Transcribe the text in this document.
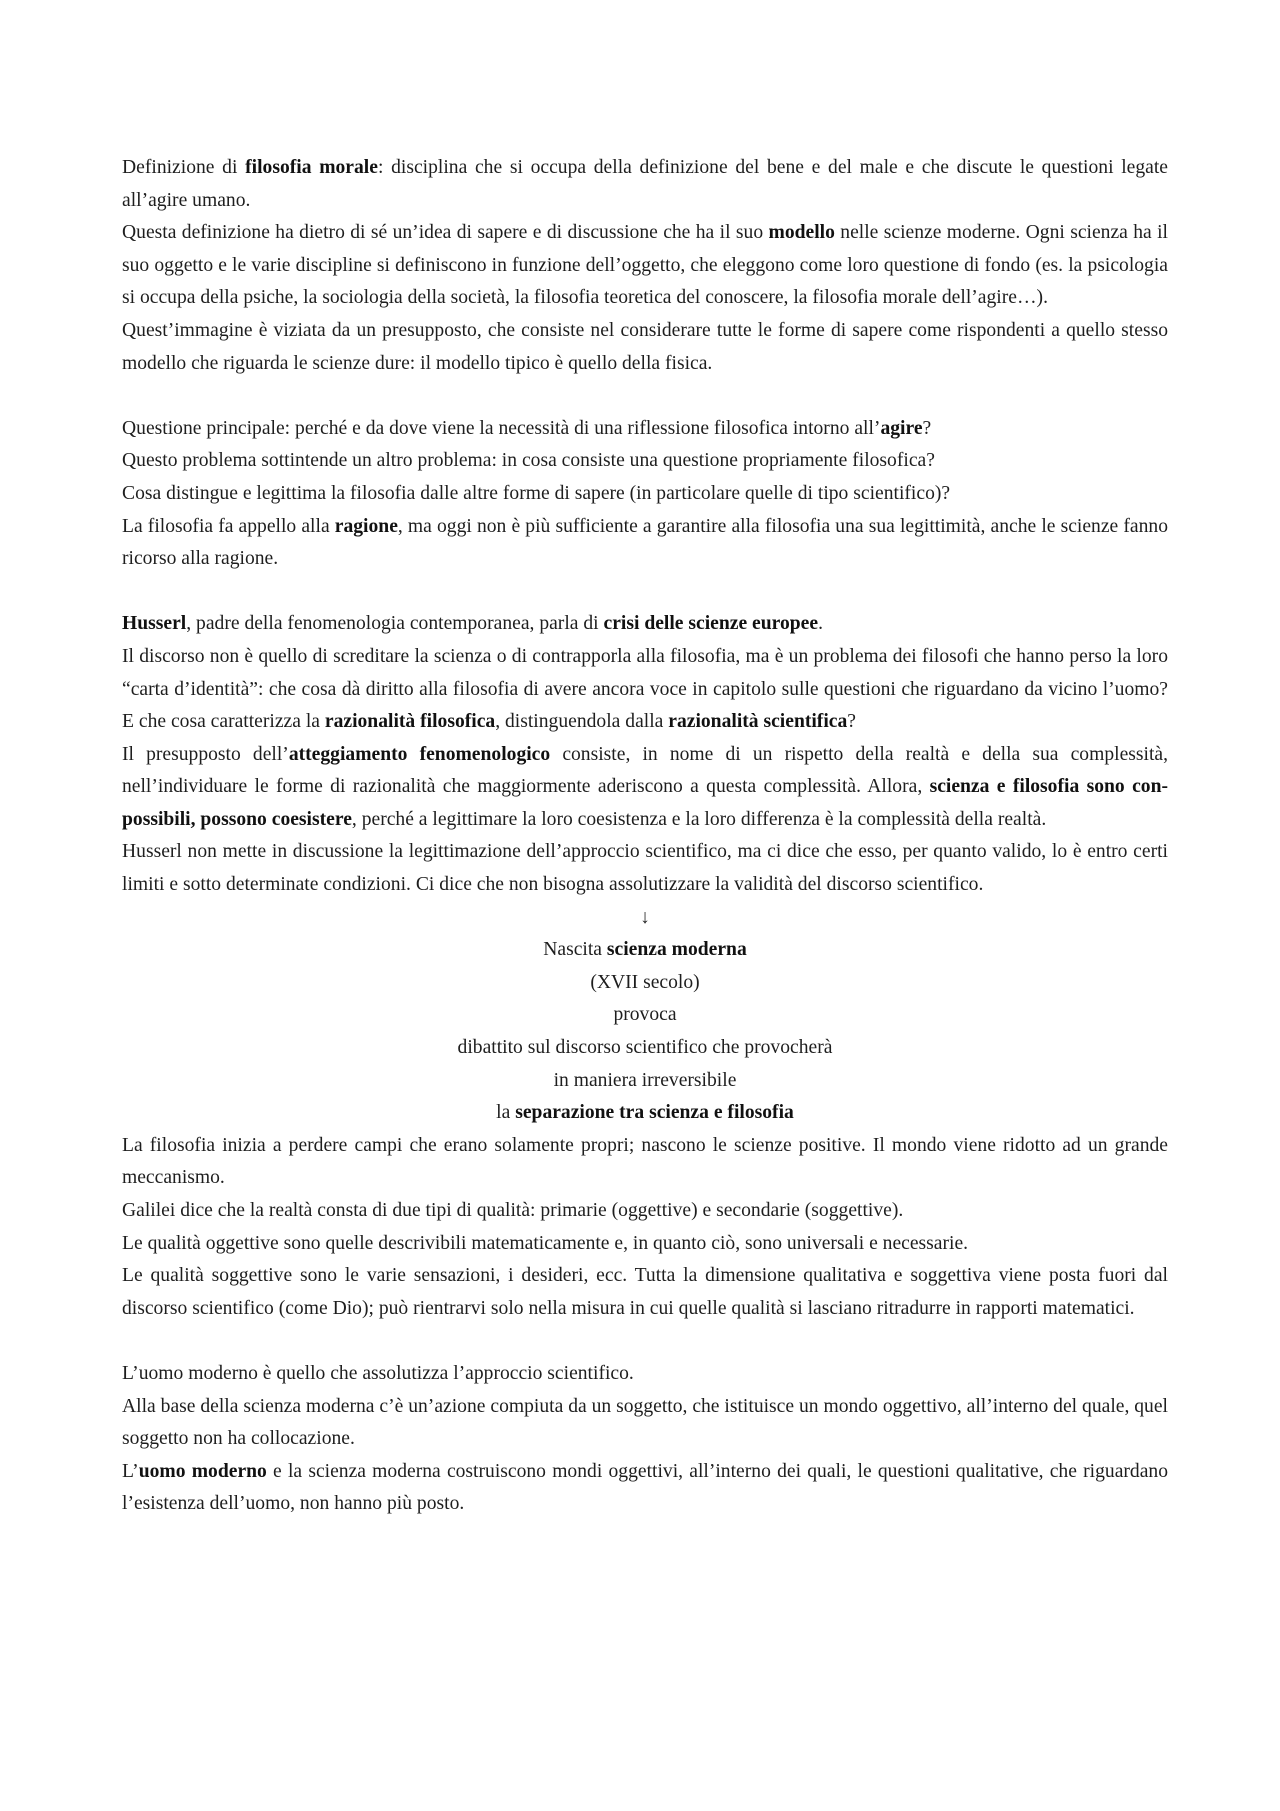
Definizione di filosofia morale: disciplina che si occupa della definizione del bene e del male e che discute le questioni legate all’agire umano.

Questa definizione ha dietro di sé un’idea di sapere e di discussione che ha il suo modello nelle scienze moderne. Ogni scienza ha il suo oggetto e le varie discipline si definiscono in funzione dell’oggetto, che eleggono come loro questione di fondo (es. la psicologia si occupa della psiche, la sociologia della società, la filosofia teoretica del conoscere, la filosofia morale dell’agire…).

Quest’immagine è viziata da un presupposto, che consiste nel considerare tutte le forme di sapere come rispondenti a quello stesso modello che riguarda le scienze dure: il modello tipico è quello della fisica.

Questione principale: perché e da dove viene la necessità di una riflessione filosofica intorno all’agire?

Questo problema sottintende un altro problema: in cosa consiste una questione propriamente filosofica?

Cosa distingue e legittima la filosofia dalle altre forme di sapere (in particolare quelle di tipo scientifico)?

La filosofia fa appello alla ragione, ma oggi non è più sufficiente a garantire alla filosofia una sua legittimità, anche le scienze fanno ricorso alla ragione.

Husserl, padre della fenomenologia contemporanea, parla di crisi delle scienze europee.

Il discorso non è quello di screditare la scienza o di contrapporla alla filosofia, ma è un problema dei filosofi che hanno perso la loro “carta d’identità”: che cosa dà diritto alla filosofia di avere ancora voce in capitolo sulle questioni che riguardano da vicino l’uomo? E che cosa caratterizza la razionalità filosofica, distinguendola dalla razionalità scientifica?

Il presupposto dell’atteggiamento fenomenologico consiste, in nome di un rispetto della realtà e della sua complessità, nell’individuare le forme di razionalità che maggiormente aderiscono a questa complessità. Allora, scienza e filosofia sono con-possibili, possono coesistere, perché a legittimare la loro coesistenza e la loro differenza è la complessità della realtà.

Husserl non mette in discussione la legittimazione dell’approccio scientifico, ma ci dice che esso, per quanto valido, lo è entro certi limiti e sotto determinate condizioni. Ci dice che non bisogna assolutizzare la validità del discorso scientifico.

↓

Nascita scienza moderna

(XVII secolo)

provoca

dibattito sul discorso scientifico che provocherà

in maniera irreversibile

la separazione tra scienza e filosofia

La filosofia inizia a perdere campi che erano solamente propri; nascono le scienze positive. Il mondo viene ridotto ad un grande meccanismo.

Galilei dice che la realtà consta di due tipi di qualità: primarie (oggettive) e secondarie (soggettive).

Le qualità oggettive sono quelle descrivibili matematicamente e, in quanto ciò, sono universali e necessarie.

Le qualità soggettive sono le varie sensazioni, i desideri, ecc. Tutta la dimensione qualitativa e soggettiva viene posta fuori dal discorso scientifico (come Dio); può rientrarvi solo nella misura in cui quelle qualità si lasciano ritradurre in rapporti matematici.

L’uomo moderno è quello che assolutizza l’approccio scientifico.

Alla base della scienza moderna c’è un’azione compiuta da un soggetto, che istituisce un mondo oggettivo, all’interno del quale, quel soggetto non ha collocazione.

L’uomo moderno e la scienza moderna costruiscono mondi oggettivi, all’interno dei quali, le questioni qualitative, che riguardano l’esistenza dell’uomo, non hanno più posto.
